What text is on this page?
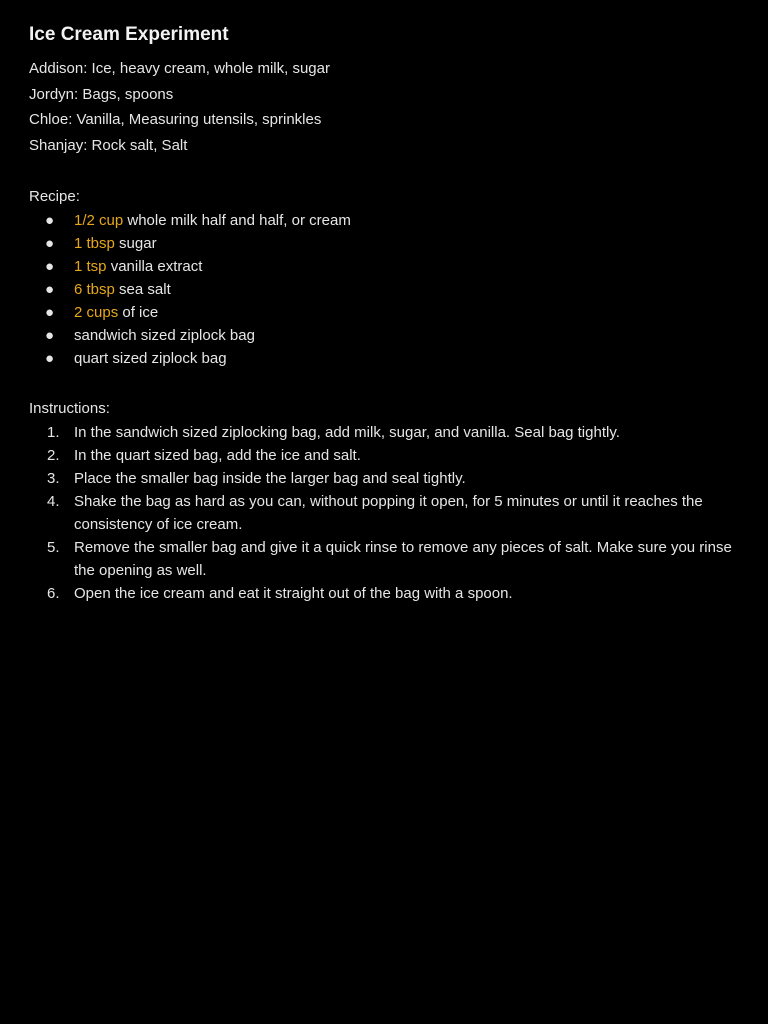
Ice Cream Experiment

Addison: Ice, heavy cream, whole milk, sugar

Jordyn: Bags, spoons

Chloe: Vanilla, Measuring utensils, sprinkles

Shanjay: Rock salt, Salt

Recipe:

● 1/2 cup whole milk half and half, or cream
● 1 tbsp sugar
● 1 tsp vanilla extract
● 6 tbsp sea salt
● 2 cups of ice
● sandwich sized ziplock bag
● quart sized ziplock bag

Instructions:

1. In the sandwich sized ziplocking bag, add milk, sugar, and vanilla. Seal bag tightly.
2. In the quart sized bag, add the ice and salt.
3. Place the smaller bag inside the larger bag and seal tightly.
4. Shake the bag as hard as you can, without popping it open, for 5 minutes or until it reaches the consistency of ice cream.
5. Remove the smaller bag and give it a quick rinse to remove any pieces of salt. Make sure you rinse the opening as well.
6. Open the ice cream and eat it straight out of the bag with a spoon.
